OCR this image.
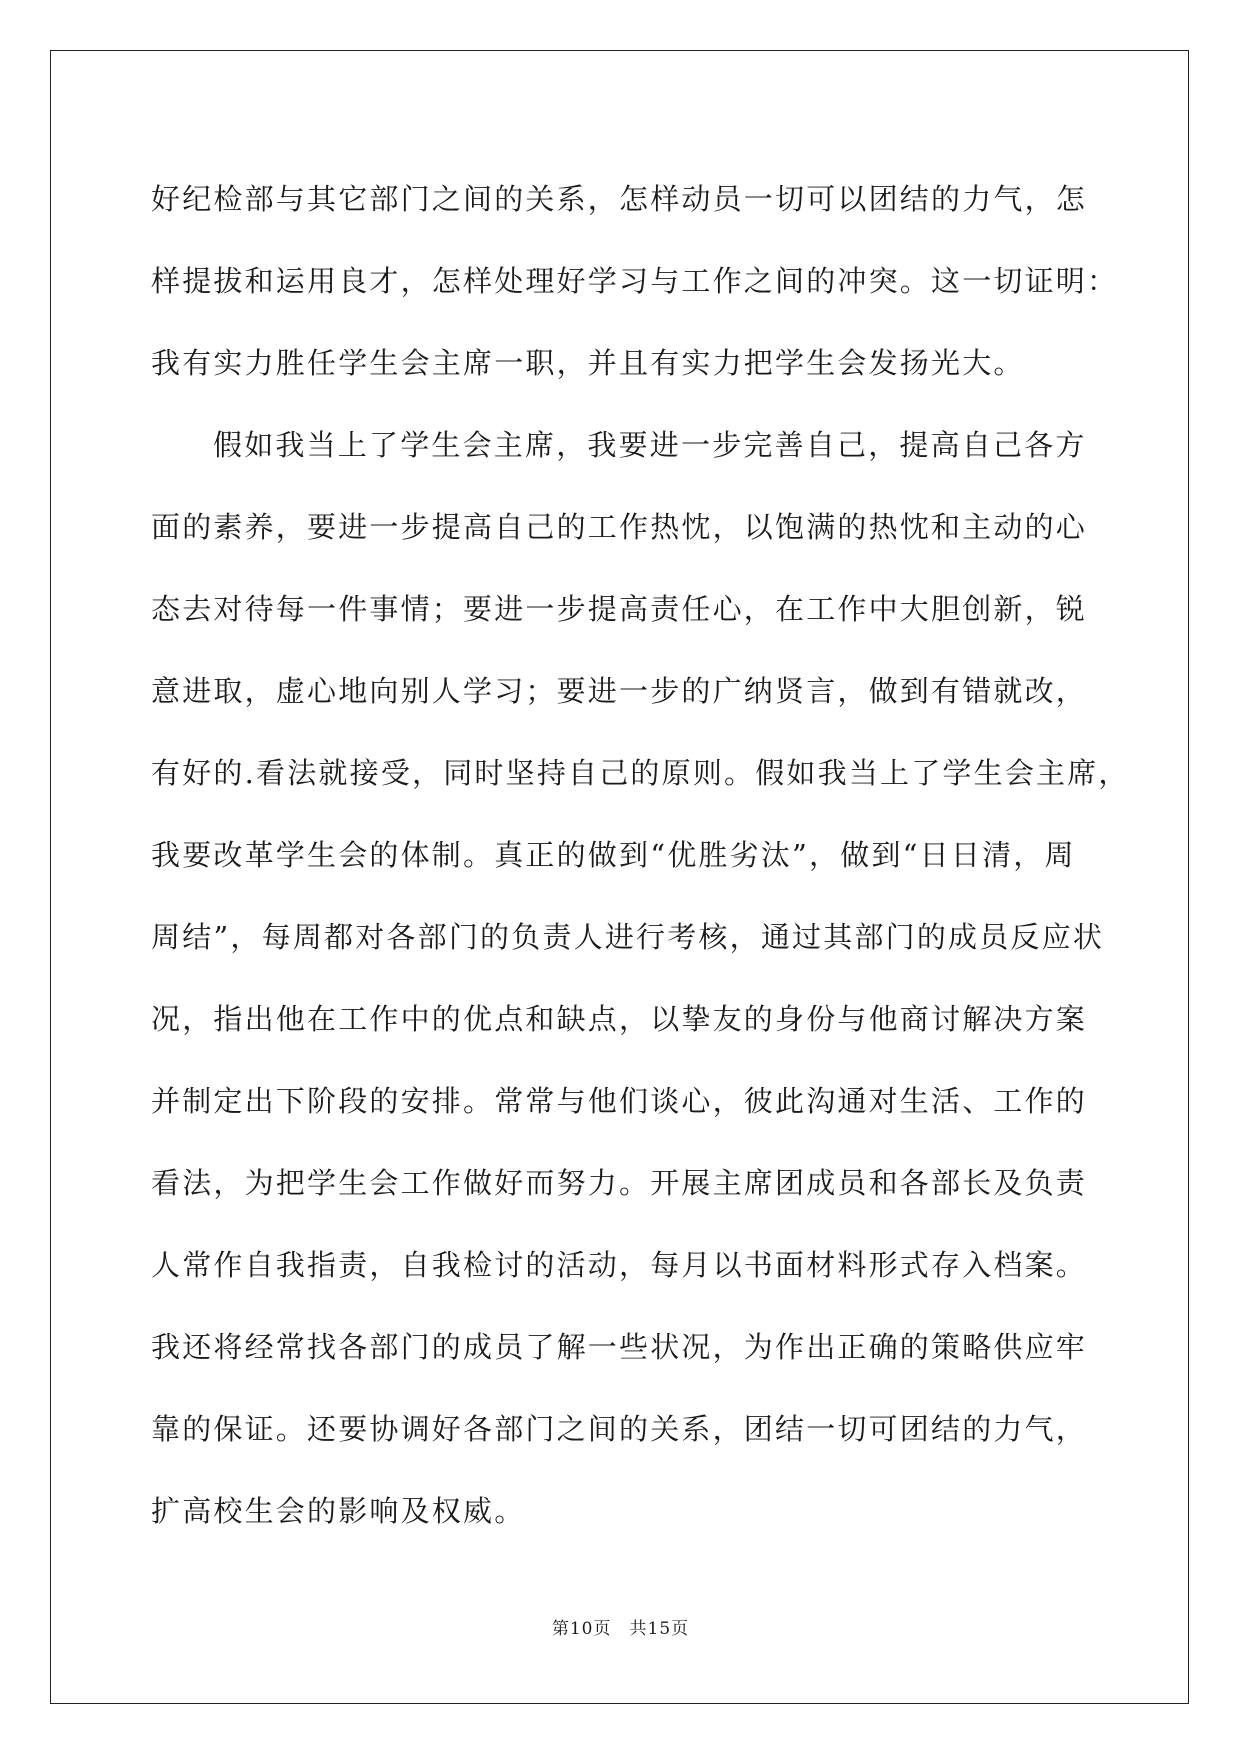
好纪检部与其它部门之间的关系，怎样动员一切可以团结的力气，怎
样提拔和运用良才，怎样处理好学习与工作之间的冲突。这一切证明：
我有实力胜任学生会主席一职，并且有实力把学生会发扬光大。
假如我当上了学生会主席，我要进一步完善自己，提高自己各方
面的素养，要进一步提高自己的工作热忱，以饱满的热忱和主动的心
态去对待每一件事情；要进一步提高责任心，在工作中大胆创新，锐
意进取，虚心地向别人学习；要进一步的广纳贤言，做到有错就改，
有好的.看法就接受，同时坚持自己的原则。假如我当上了学生会主席，
我要改革学生会的体制。真正的做到“优胜劣汰”，做到“日日清，周
周结”，每周都对各部门的负责人进行考核，通过其部门的成员反应状
况，指出他在工作中的优点和缺点，以挚友的身份与他商讨解决方案
并制定出下阶段的安排。常常与他们谈心，彼此沟通对生活、工作的
看法，为把学生会工作做好而努力。开展主席团成员和各部长及负责
人常作自我指责，自我检讨的活动，每月以书面材料形式存入档案。
我还将经常找各部门的成员了解一些状况，为作出正确的策略供应牢
靠的保证。还要协调好各部门之间的关系，团结一切可团结的力气，
扩高校生会的影响及权威。
第10页 共15页
